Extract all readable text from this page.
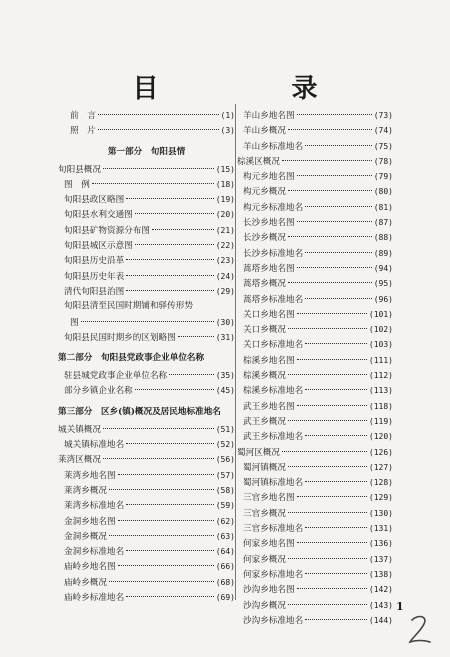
目 录
前　言	(1)
照　片	(3)
第一部分　旬阳县情
旬阳县概况	(15)
图　例	(18)
旬阳县政区略图	(19)
旬阳县水利交通图	(20)
旬阳县矿物资源分布图	(21)
旬阳县城区示意图	(22)
旬阳县历史沿革	(23)
旬阳县历史年表	(24)
清代旬阳县治图	(29)
旬阳县清至民国时期铺和驿传形势
图	(30)
旬阳县民国时期乡的区划略图	(31)
第二部分　旬阳县党政事企业单位名称
驻县城党政事企业单位名称	(35)
部分乡镇企业名称	(45)
第三部分　区乡(镇)概况及居民地标准地名
城关镇概况	(51)
城关镇标准地名	(52)
莱湾区概况	(56)
莱湾乡地名图	(57)
莱湾乡概况	(58)
莱湾乡标准地名	(59)
金洞乡地名图	(62)
金洞乡概况	(63)
金洞乡标准地名	(64)
庙岭乡地名图	(66)
庙岭乡概况	(68)
庙岭乡标准地名	(69)
羊山乡地名图	(73)
羊山乡概况	(74)
羊山乡标准地名	(75)
棕溪区概况	(78)
构元乡地名图	(79)
构元乡概况	(80)
构元乡标准地名	(81)
长沙乡地名图	(87)
长沙乡概况	(88)
长沙乡标准地名	(89)
蒿塔乡地名图	(94)
蒿塔乡概况	(95)
蒿塔乡标准地名	(96)
关口乡地名图	(101)
关口乡概况	(102)
关口乡标准地名	(103)
棕溪乡地名图	(111)
棕溪乡概况	(112)
棕溪乡标准地名	(113)
武王乡地名图	(118)
武王乡概况	(119)
武王乡标准地名	(120)
蜀河区概况	(126)
蜀河镇概况	(127)
蜀河镇标准地名	(128)
三官乡地名图	(129)
三官乡概况	(130)
三官乡标准地名	(131)
何家乡地名图	(136)
何家乡概况	(137)
何家乡标准地名	(138)
沙沟乡地名图	(142)
沙沟乡概况	(143)
沙沟乡标准地名	(144)
1
